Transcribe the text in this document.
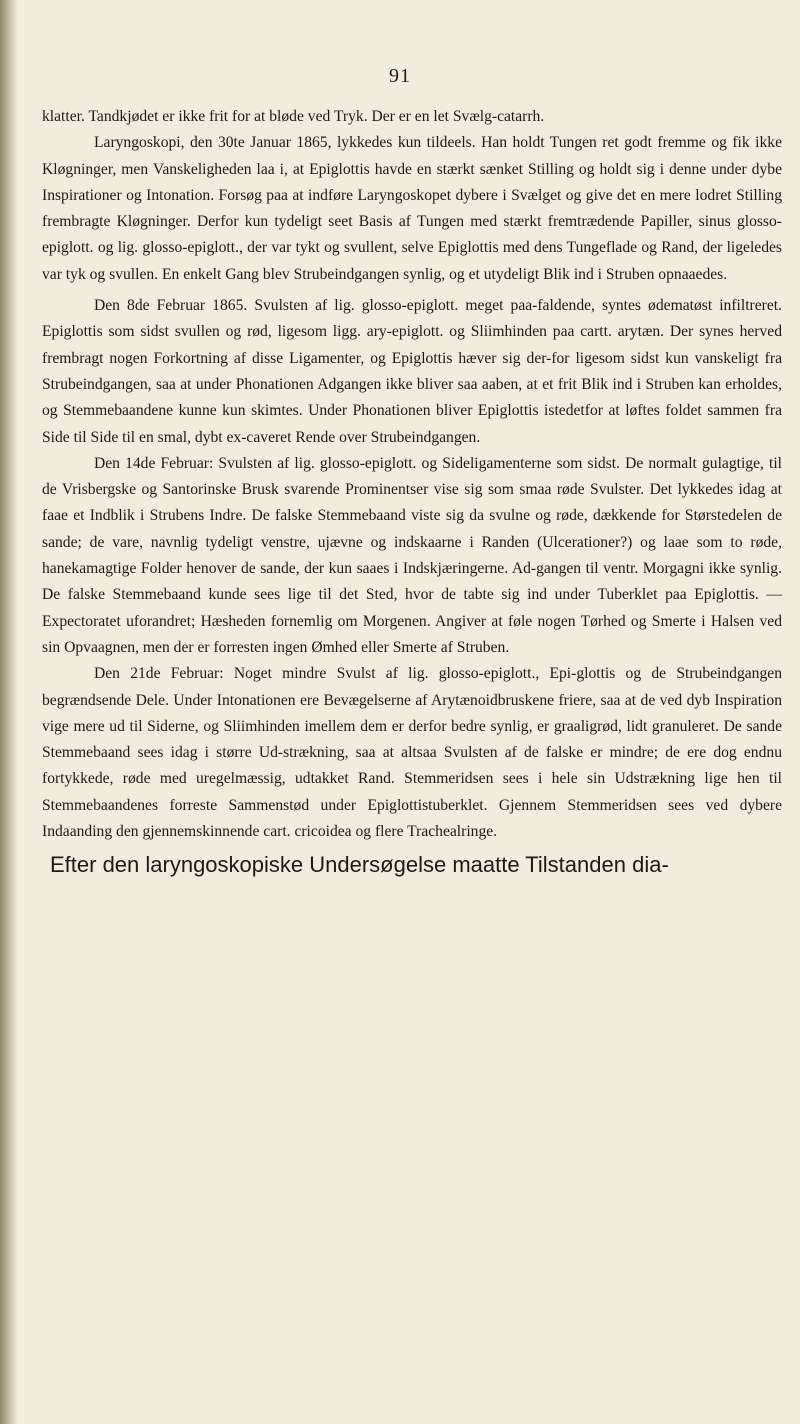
91

klatter. Tandkjødet er ikke frit for at bløde ved Tryk. Der er en let Svælg-catarrh.

Laryngoskopi, den 30te Januar 1865, lykkedes kun tildeels. Han holdt Tungen ret godt fremme og fik ikke Kløgninger, men Vanskeligheden laa i, at Epiglottis havde en stærkt sænket Stilling og holdt sig i denne under dybe Inspirationer og Intonation. Forsøg paa at indføre Laryngoskopet dybere i Svælget og give det en mere lodret Stilling frembragte Kløgninger. Derfor kun tydeligt seet Basis af Tungen med stærkt fremtrædende Papiller, sinus glosso-epiglott. og lig. glosso-epiglott., der var tykt og svullent, selve Epiglottis med dens Tungeflade og Rand, der ligeledes var tyk og svullen. En enkelt Gang blev Strubeindgangen synlig, og et utydeligt Blik ind i Struben opnaaedes.

Den 8de Februar 1865. Svulsten af lig. glosso-epiglott. meget paa-faldende, syntes ødematøst infiltreret. Epiglottis som sidst svullen og rød, ligesom ligg. ary-epiglott. og Sliimhinden paa cartt. arytæn. Der synes herved frembragt nogen Forkortning af disse Ligamenter, og Epiglottis hæver sig der-for ligesom sidst kun vanskeligt fra Strubeindgangen, saa at under Phonationen Adgangen ikke bliver saa aaben, at et frit Blik ind i Struben kan erholdes, og Stemmebaandene kunne kun skimtes. Under Phonationen bliver Epiglottis istedetfor at løftes foldet sammen fra Side til Side til en smal, dybt ex-caveret Rende over Strubeindgangen.

Den 14de Februar: Svulsten af lig. glosso-epiglott. og Sideligamenterne som sidst. De normalt gulagtige, til de Vrisbergske og Santorinske Brusk svarende Prominentser vise sig som smaa røde Svulster. Det lykkedes idag at faae et Indblik i Strubens Indre. De falske Stemmebaand viste sig da svulne og røde, dækkende for Størstedelen de sande; de vare, navnlig tydeligt venstre, ujævne og indskaarne i Randen (Ulcerationer?) og laae som to røde, hanekamagtige Folder henover de sande, der kun saaes i Indskjæringerne. Ad-gangen til ventr. Morgagni ikke synlig. De falske Stemmebaand kunde sees lige til det Sted, hvor de tabte sig ind under Tuberklet paa Epiglottis. — Expectoratet uforandret; Hæsheden fornemlig om Morgenen. Angiver at føle nogen Tørhed og Smerte i Halsen ved sin Opvaagnen, men der er forresten ingen Ømhed eller Smerte af Struben.

Den 21de Februar: Noget mindre Svulst af lig. glosso-epiglott., Epi-glottis og de Strubeindgangen begrændsende Dele. Under Intonationen ere Bevægelserne af Arytænoidbruskene friere, saa at de ved dyb Inspiration vige mere ud til Siderne, og Sliimhinden imellem dem er derfor bedre synlig, er graaligrød, lidt granuleret. De sande Stemmebaand sees idag i større Ud-strækning, saa at altsaa Svulsten af de falske er mindre; de ere dog endnu fortykkede, røde med uregelmæssig, udtakket Rand. Stemmeridsen sees i hele sin Udstrækning lige hen til Stemmebaandenes forreste Sammenstød under Epiglottistuberklet. Gjennem Stemmeridsen sees ved dybere Indaanding den gjennemskinnende cart. cricoidea og flere Trachealringe.

Efter den laryngoskopiske Undersøgelse maatte Tilstanden dia-
